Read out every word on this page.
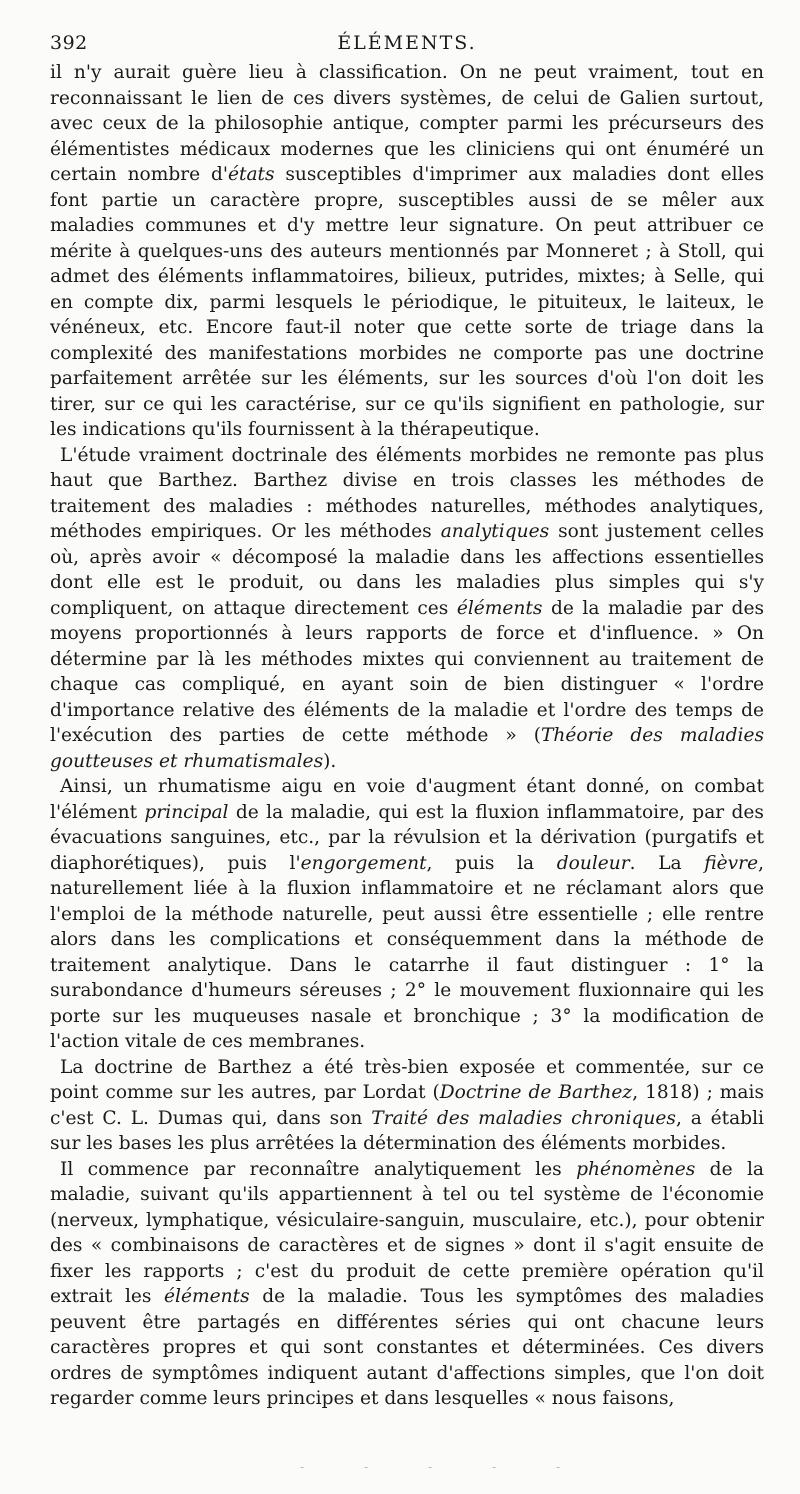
392	ÉLÉMENTS.

il n'y aurait guère lieu à classification. On ne peut vraiment, tout en reconnaissant le lien de ces divers systèmes, de celui de Galien surtout, avec ceux de la philosophie antique, compter parmi les précurseurs des élémentistes médicaux modernes que les cliniciens qui ont énuméré un certain nombre d'états susceptibles d'imprimer aux maladies dont elles font partie un caractère propre, susceptibles aussi de se mêler aux maladies communes et d'y mettre leur signature. On peut attribuer ce mérite à quelques-uns des auteurs mentionnés par Monneret ; à Stoll, qui admet des éléments inflammatoires, bilieux, putrides, mixtes; à Selle, qui en compte dix, parmi lesquels le périodique, le pituiteux, le laiteux, le vénéneux, etc. Encore faut-il noter que cette sorte de triage dans la complexité des manifestations morbides ne comporte pas une doctrine parfaitement arrêtée sur les éléments, sur les sources d'où l'on doit les tirer, sur ce qui les caractérise, sur ce qu'ils signifient en pathologie, sur les indications qu'ils fournissent à la thérapeutique.

L'étude vraiment doctrinale des éléments morbides ne remonte pas plus haut que Barthez. Barthez divise en trois classes les méthodes de traitement des maladies : méthodes naturelles, méthodes analytiques, méthodes empiriques. Or les méthodes analytiques sont justement celles où, après avoir « décomposé la maladie dans les affections essentielles dont elle est le produit, ou dans les maladies plus simples qui s'y compliquent, on attaque directement ces éléments de la maladie par des moyens proportionnés à leurs rapports de force et d'influence. » On détermine par là les méthodes mixtes qui conviennent au traitement de chaque cas compliqué, en ayant soin de bien distinguer « l'ordre d'importance relative des éléments de la maladie et l'ordre des temps de l'exécution des parties de cette méthode » (Théorie des maladies goutteuses et rhumatismales).

Ainsi, un rhumatisme aigu en voie d'augment étant donné, on combat l'élément principal de la maladie, qui est la fluxion inflammatoire, par des évacuations sanguines, etc., par la révulsion et la dérivation (purgatifs et diaphorétiques), puis l'engorgement, puis la douleur. La fièvre, naturellement liée à la fluxion inflammatoire et ne réclamant alors que l'emploi de la méthode naturelle, peut aussi être essentielle ; elle rentre alors dans les complications et conséquemment dans la méthode de traitement analytique. Dans le catarrhe il faut distinguer : 1° la surabondance d'humeurs séreuses ; 2° le mouvement fluxionnaire qui les porte sur les muqueuses nasale et bronchique ; 3° la modification de l'action vitale de ces membranes.

La doctrine de Barthez a été très-bien exposée et commentée, sur ce point comme sur les autres, par Lordat (Doctrine de Barthez, 1818) ; mais c'est C. L. Dumas qui, dans son Traité des maladies chroniques, a établi sur les bases les plus arrêtées la détermination des éléments morbides.

Il commence par reconnaître analytiquement les phénomènes de la maladie, suivant qu'ils appartiennent à tel ou tel système de l'économie (nerveux, lymphatique, vésiculaire-sanguin, musculaire, etc.), pour obtenir des « combinaisons de caractères et de signes » dont il s'agit ensuite de fixer les rapports ; c'est du produit de cette première opération qu'il extrait les éléments de la maladie. Tous les symptômes des maladies peuvent être partagés en différentes séries qui ont chacune leurs caractères propres et qui sont constantes et déterminées. Ces divers ordres de symptômes indiquent autant d'affections simples, que l'on doit regarder comme leurs principes et dans lesquelles « nous faisons,

-	-	-	-	-
